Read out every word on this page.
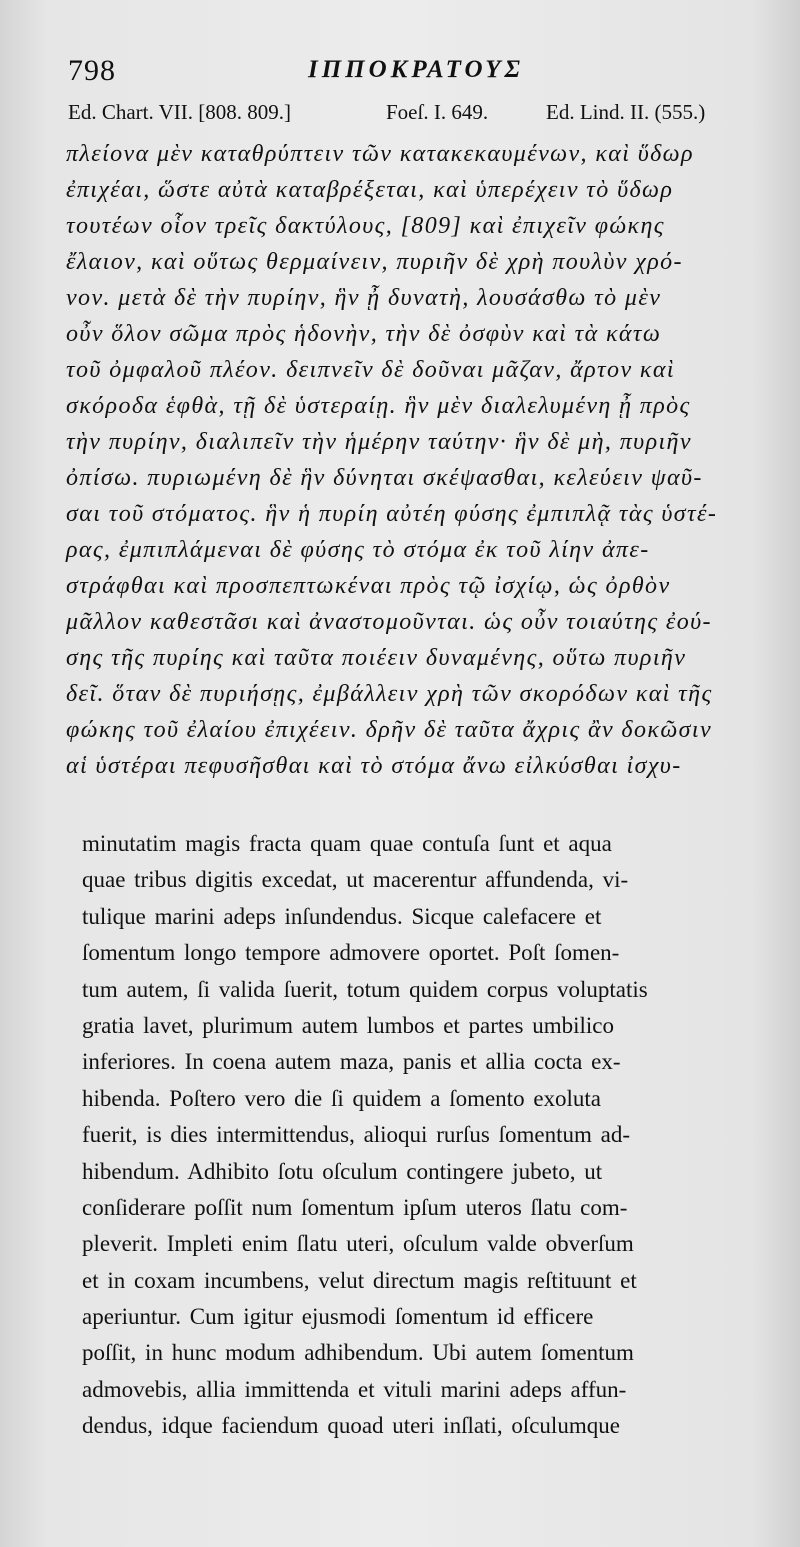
798	ΙΠΠΟΚΡΑΤΟΥΣ
Ed. Chart. VII. [808. 809.]	Foeſ. I. 649.	Ed. Lind. II. (555.)
πλείονα μὲν καταθρύπτειν τῶν κατακεκαυμένων, καὶ ὕδωρ
ἐπιχέαι, ὥστε αὐτὰ καταβρέξεται, καὶ ὑπερέχειν τὸ ὕδωρ
τουτέων οἷον τρεῖς δακτύλους, [809] καὶ ἐπιχεῖν φώκης
ἔλαιον, καὶ οὕτως θερμαίνειν, πυριῆν δὲ χρὴ πουλὺν χρό-
νον. μετὰ δὲ τὴν πυρίην, ἣν ᾖ δυνατὴ, λουσάσθω τὸ μὲν
οὖν ὅλον σῶμα πρὸς ἡδονὴν, τὴν δὲ ὀσφὺν καὶ τὰ κάτω
τοῦ ὀμφαλοῦ πλέον. δειπνεῖν δὲ δοῦναι μᾶζαν, ἄρτον καὶ
σκόροδα ἑφθὰ, τῇ δὲ ὑστεραίῃ. ἣν μὲν διαλελυμένη ᾖ πρὸς
τὴν πυρίην, διαλιπεῖν τὴν ἡμέρην ταύτην· ἣν δὲ μὴ, πυριῆν
ὀπίσω. πυριωμένη δὲ ἣν δύνηται σκέψασθαι, κελεύειν ψαῦ-
σαι τοῦ στόματος. ἣν ἡ πυρίη αὐτέη φύσης ἐμπιπλᾷ τὰς ὑστέ-
ρας, ἐμπιπλάμεναι δὲ φύσης τὸ στόμα ἐκ τοῦ λίην ἀπε-
στράφθαι καὶ προσπεπτωκέναι πρὸς τῷ ἰσχίῳ, ὡς ὀρθὸν
μᾶλλον καθεστᾶσι καὶ ἀναστομοῦνται. ὡς οὖν τοιαύτης ἐού-
σης τῆς πυρίης καὶ ταῦτα ποιέειν δυναμένης, οὕτω πυριῆν
δεῖ. ὅταν δὲ πυριήσῃς, ἐμβάλλειν χρὴ τῶν σκορόδων καὶ τῆς
φώκης τοῦ ἐλαίου ἐπιχέειν. δρῆν δὲ ταῦτα ἄχρις ἂν δοκῶσιν
αἱ ὑστέραι πεφυσῆσθαι καὶ τὸ στόμα ἄνω εἰλκύσθαι ἰσχυ-
minutatim magis fracta quam quae contuſa ſunt et aqua
quae tribus digitis excedat, ut macerentur affundenda, vi-
tulique marini adeps inſundendus. Sicque calefacere et
ſomentum longo tempore admovere oportet. Poſt ſomen-
tum autem, ſi valida ſuerit, totum quidem corpus voluptatis
gratia lavet, plurimum autem lumbos et partes umbilico
inferiores. In coena autem maza, panis et allia cocta ex-
hibenda. Poſtero vero die ſi quidem a ſomento exoluta
fuerit, is dies intermittendus, alioqui rurſus ſomentum ad-
hibendum. Adhibito ſotu oſculum contingere jubeto, ut
conſiderare poſſit num ſomentum ipſum uteros ſlatu com-
pleverit. Impleti enim ſlatu uteri, oſculum valde obverſum
et in coxam incumbens, velut directum magis reſtituunt et
aperiuntur. Cum igitur ejusmodi ſomentum id efficere
poſſit, in hunc modum adhibendum. Ubi autem ſomentum
admovebis, allia immittenda et vituli marini adeps affun-
dendus, idque faciendum quoad uteri inſlati, oſculumque
